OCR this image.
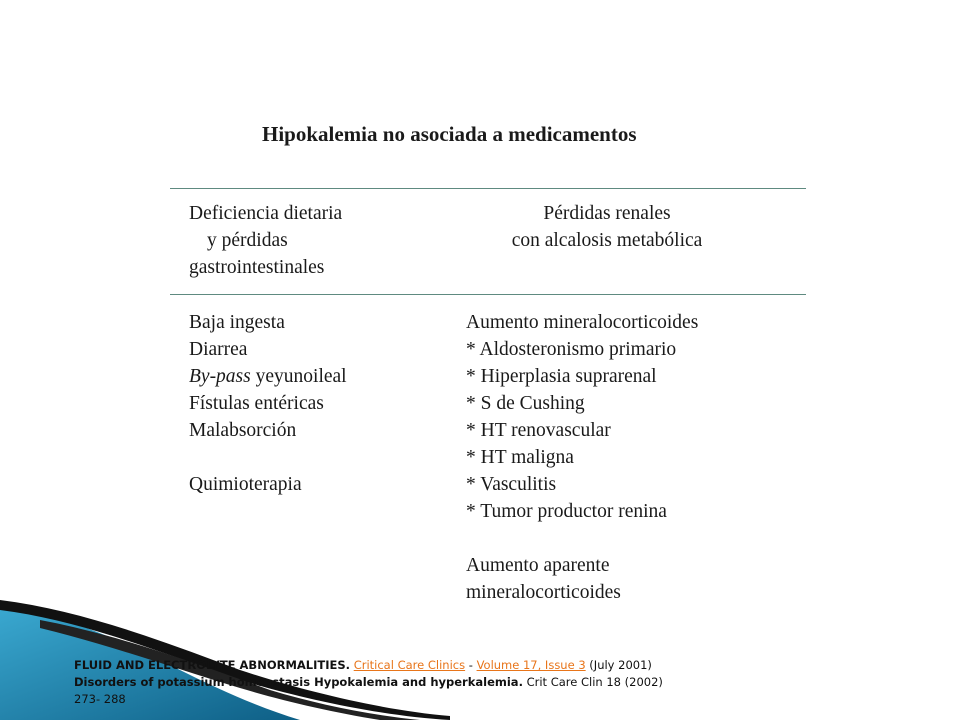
Hipokalemia no asociada a medicamentos
Deficiencia dietaria
y pérdidas
gastrointestinales
Pérdidas renales
con alcalosis metabólica
Baja ingesta
Diarrea
By-pass yeyunoileal
Fístulas entéricas
Malabsorción
Quimioterapia
Aumento mineralocorticoides
* Aldosteronismo primario
* Hiperplasia suprarenal
* S de Cushing
* HT renovascular
* HT maligna
* Vasculitis
* Tumor productor renina
Aumento aparente
mineralocorticoides
FLUID AND ELECTROLYTE ABNORMALITIES. Critical Care Clinics - Volume 17, Issue 3 (July 2001)
Disorders of potassium homeostasis Hypokalemia and hyperkalemia. Crit Care Clin 18 (2002)
273- 288
